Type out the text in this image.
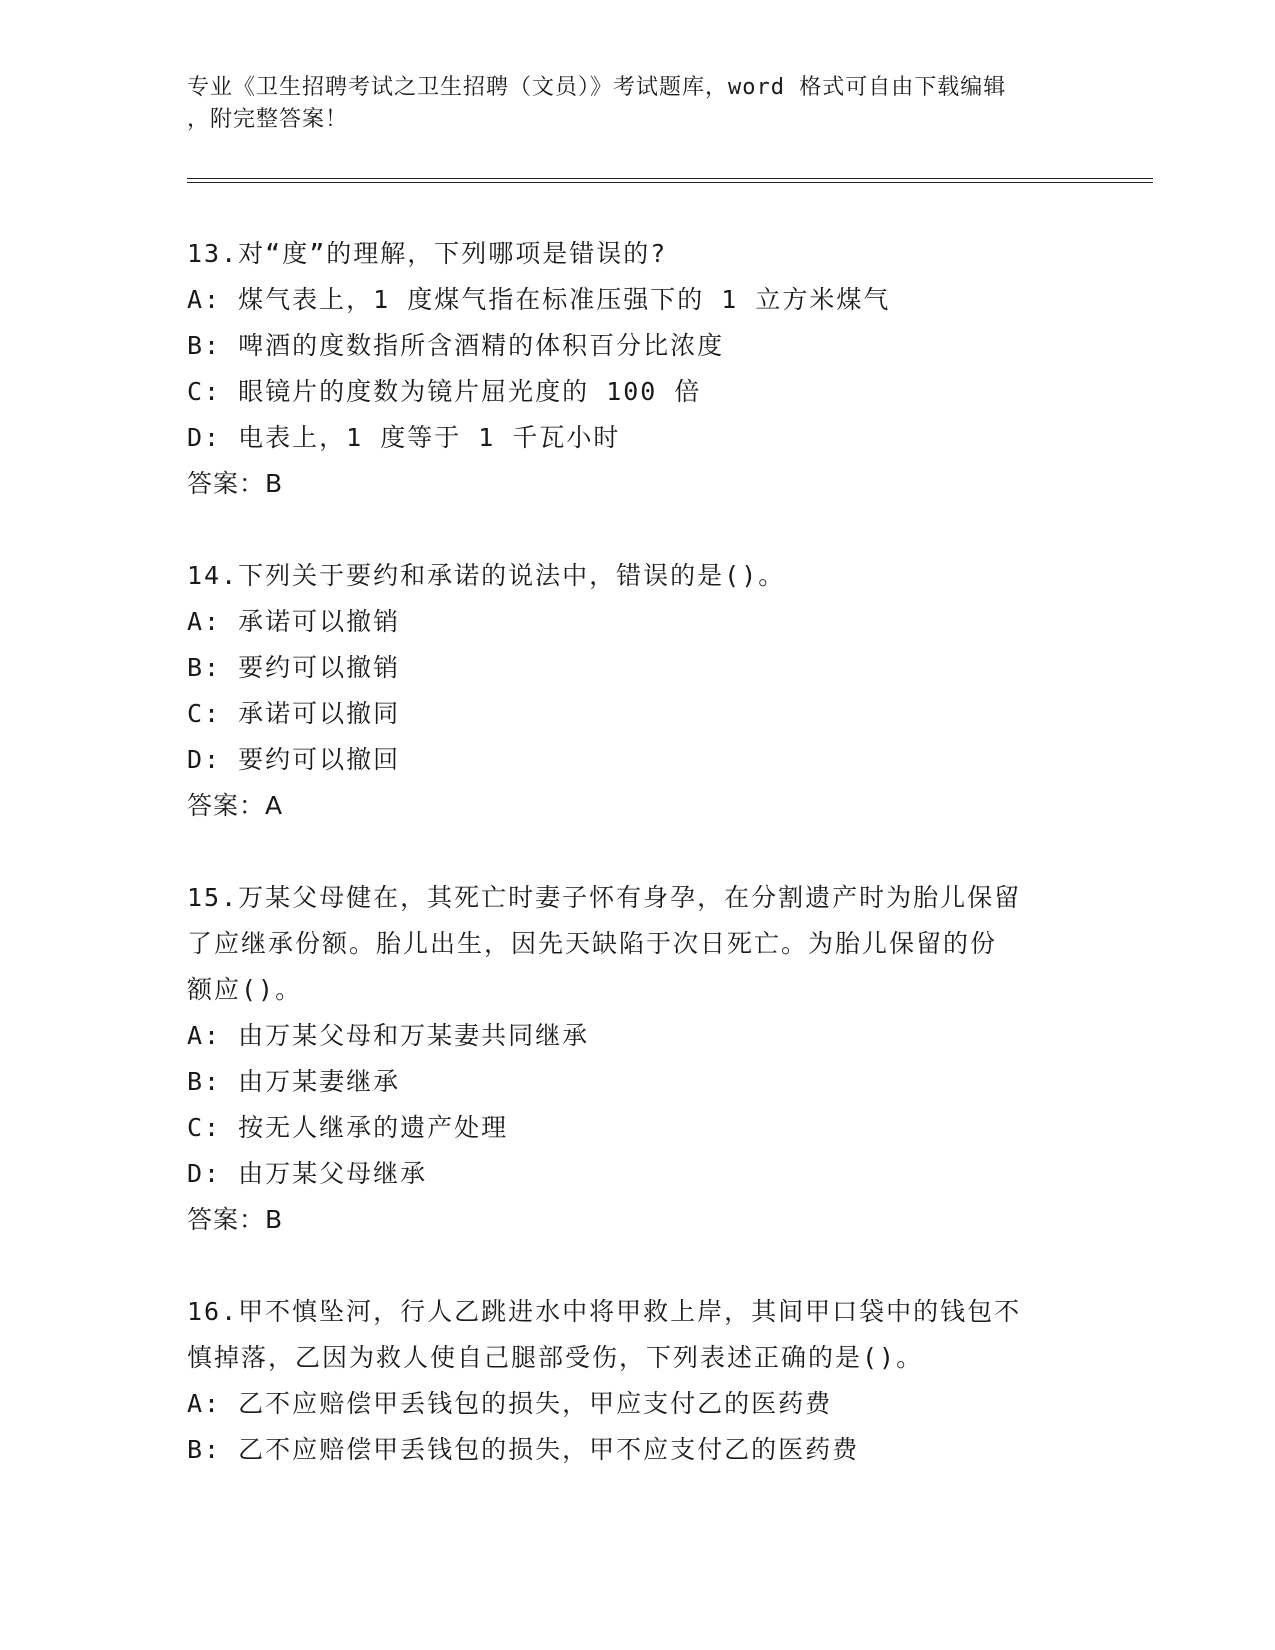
专业《卫生招聘考试之卫生招聘（文员）》考试题库，word 格式可自由下载编辑
，附完整答案！

13.对“度”的理解，下列哪项是错误的?

A: 煤气表上，1 度煤气指在标准压强下的 1 立方米煤气

B: 啤酒的度数指所含酒精的体积百分比浓度

C: 眼镜片的度数为镜片屈光度的 100 倍

D: 电表上，1 度等于 1 千瓦小时

答案：B

14.下列关于要约和承诺的说法中，错误的是()。

A: 承诺可以撤销

B: 要约可以撤销

C: 承诺可以撤同

D: 要约可以撤回

答案：A

15.万某父母健在，其死亡时妻子怀有身孕，在分割遗产时为胎儿保留

了应继承份额。胎儿出生，因先天缺陷于次日死亡。为胎儿保留的份

额应()。

A: 由万某父母和万某妻共同继承

B: 由万某妻继承

C: 按无人继承的遗产处理

D: 由万某父母继承

答案：B

16.甲不慎坠河，行人乙跳进水中将甲救上岸，其间甲口袋中的钱包不

慎掉落，乙因为救人使自己腿部受伤，下列表述正确的是()。

A: 乙不应赔偿甲丢钱包的损失，甲应支付乙的医药费

B: 乙不应赔偿甲丢钱包的损失，甲不应支付乙的医药费
